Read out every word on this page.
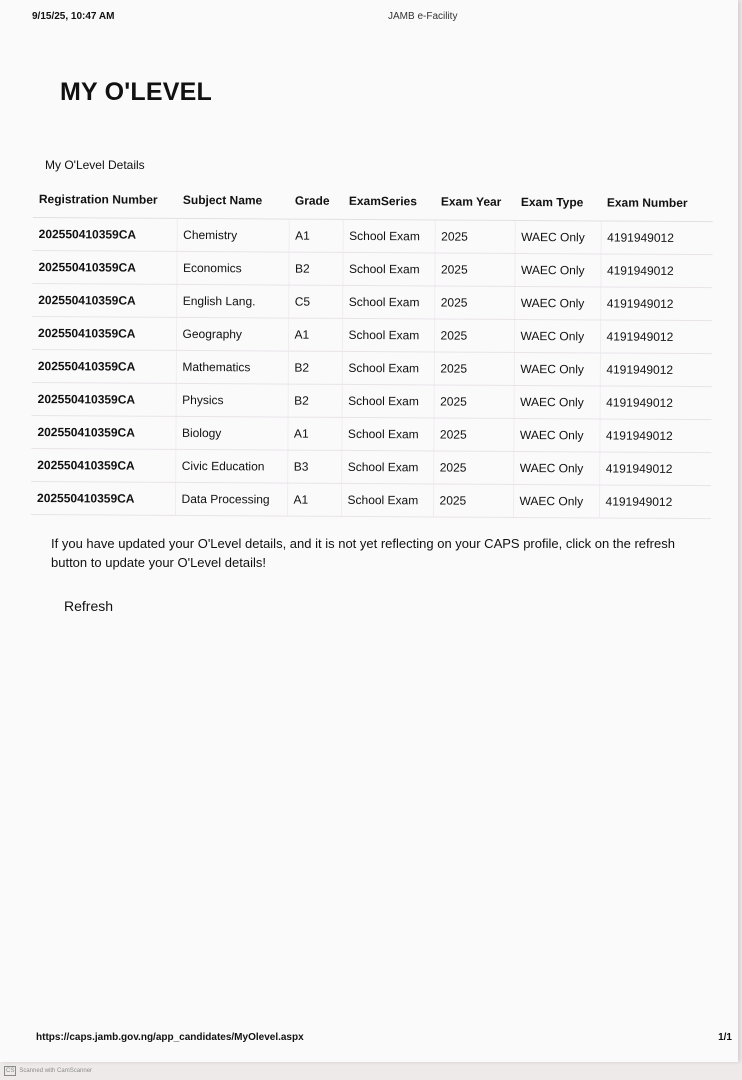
9/15/25, 10:47 AM	JAMB e-Facility
MY O'LEVEL
My O'Level Details
Registration Number	Subject Name	Grade	ExamSeries	Exam Year	Exam Type	Exam Number
202550410359CA	Chemistry	A1	School Exam	2025	WAEC Only	4191949012
202550410359CA	Economics	B2	School Exam	2025	WAEC Only	4191949012
202550410359CA	English Lang.	C5	School Exam	2025	WAEC Only	4191949012
202550410359CA	Geography	A1	School Exam	2025	WAEC Only	4191949012
202550410359CA	Mathematics	B2	School Exam	2025	WAEC Only	4191949012
202550410359CA	Physics	B2	School Exam	2025	WAEC Only	4191949012
202550410359CA	Biology	A1	School Exam	2025	WAEC Only	4191949012
202550410359CA	Civic Education	B3	School Exam	2025	WAEC Only	4191949012
202550410359CA	Data Processing	A1	School Exam	2025	WAEC Only	4191949012
If you have updated your O'Level details, and it is not yet reflecting on your CAPS profile, click on the refresh button to update your O'Level details!
Refresh
https://caps.jamb.gov.ng/app_candidates/MyOlevel.aspx	1/1
CS Scanned with CamScanner
